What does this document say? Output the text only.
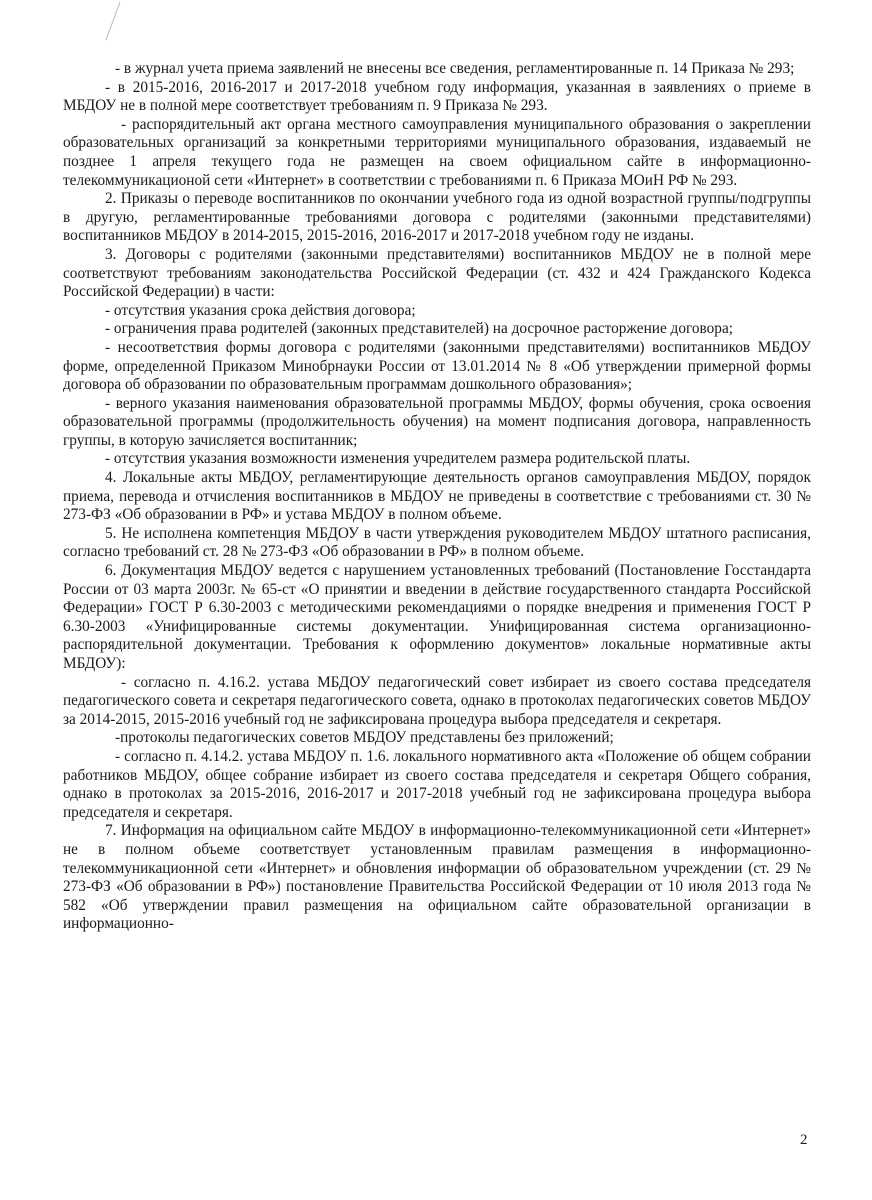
- в журнал учета приема заявлений не внесены все сведения, регламентированные п. 14 Приказа № 293;

- в 2015-2016, 2016-2017 и 2017-2018 учебном году информация, указанная в заявлениях о приеме в МБДОУ не в полной мере соответствует требованиям п. 9 Приказа № 293.

- распорядительный акт органа местного самоуправления муниципального образования о закреплении образовательных организаций за конкретными территориями муниципального образования, издаваемый не позднее 1 апреля текущего года не размещен на своем официальном сайте в информационно-телекоммуникационой сети «Интернет» в соответствии с требованиями п. 6 Приказа МОиН РФ № 293.

2. Приказы о переводе воспитанников по окончании учебного года из одной возрастной группы/подгруппы в другую, регламентированные требованиями договора с родителями (законными представителями) воспитанников МБДОУ в 2014-2015, 2015-2016, 2016-2017 и 2017-2018 учебном году не изданы.

3. Договоры с родителями (законными представителями) воспитанников МБДОУ не в полной мере соответствуют требованиям законодательства Российской Федерации (ст. 432 и 424 Гражданского Кодекса Российской Федерации) в части:

- отсутствия указания срока действия договора;

- ограничения права родителей (законных представителей) на досрочное расторжение договора;

- несоответствия формы договора с родителями (законными представителями) воспитанников МБДОУ форме, определенной Приказом Минобрнауки России от 13.01.2014 № 8 «Об утверждении примерной формы договора об образовании по образовательным программам дошкольного образования»;

- верного указания наименования образовательной программы МБДОУ, формы обучения, срока освоения образовательной программы (продолжительность обучения) на момент подписания договора, направленность группы, в которую зачисляется воспитанник;

- отсутствия указания возможности изменения учредителем размера родительской платы.

4. Локальные акты МБДОУ, регламентирующие деятельность органов самоуправления МБДОУ, порядок приема, перевода и отчисления воспитанников в МБДОУ не приведены в соответствие с требованиями ст. 30 № 273-ФЗ «Об образовании в РФ» и устава МБДОУ в полном объеме.

5. Не исполнена компетенция МБДОУ в части утверждения руководителем МБДОУ штатного расписания, согласно требований ст. 28 № 273-ФЗ «Об образовании в РФ» в полном объеме.

6. Документация МБДОУ ведется с нарушением установленных требований (Постановление Госстандарта России от 03 марта 2003г. № 65-ст «О принятии и введении в действие государственного стандарта Российской Федерации» ГОСТ Р 6.30-2003 с методическими рекомендациями о порядке внедрения и применения ГОСТ Р 6.30-2003 «Унифицированные системы документации. Унифицированная система организационно-распорядительной документации. Требования к оформлению документов» локальные нормативные акты МБДОУ):

- согласно п. 4.16.2. устава МБДОУ педагогический совет избирает из своего состава председателя педагогического совета и секретаря педагогического совета, однако в протоколах педагогических советов МБДОУ за 2014-2015, 2015-2016 учебный год не зафиксирована процедура выбора председателя и секретаря.

-протоколы педагогических советов МБДОУ представлены без приложений;

- согласно п. 4.14.2. устава МБДОУ п. 1.6. локального нормативного акта «Положение об общем собрании работников МБДОУ, общее собрание избирает из своего состава председателя и секретаря Общего собрания, однако в протоколах за 2015-2016, 2016-2017 и 2017-2018 учебный год не зафиксирована процедура выбора председателя и секретаря.

7. Информация на официальном сайте МБДОУ в информационно-телекоммуникационной сети «Интернет» не в полном объеме соответствует установленным правилам размещения в информационно-телекоммуникационной сети «Интернет» и обновления информации об образовательном учреждении (ст. 29 № 273-ФЗ «Об образовании в РФ») постановление Правительства Российской Федерации от 10 июля 2013 года № 582 «Об утверждении правил размещения на официальном сайте образовательной организации в информационно-

2
